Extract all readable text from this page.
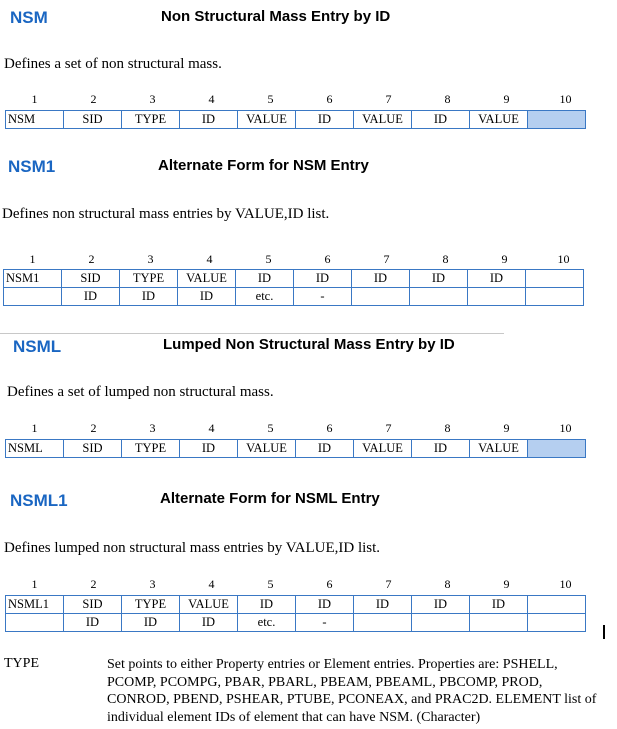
NSM	Non Structural Mass Entry by ID
Defines a set of non structural mass.
1	2	3	4	5	6	7	8	9	10
NSM	SID	TYPE	ID	VALUE	ID	VALUE	ID	VALUE	
NSM1	Alternate Form for NSM Entry
Defines non structural mass entries by VALUE,ID list.
1	2	3	4	5	6	7	8	9	10
NSM1	SID	TYPE	VALUE	ID	ID	ID	ID	ID	
	ID	ID	ID	etc.	-				
NSML	Lumped Non Structural Mass Entry by ID
Defines a set of lumped non structural mass.
1	2	3	4	5	6	7	8	9	10
NSML	SID	TYPE	ID	VALUE	ID	VALUE	ID	VALUE	
NSML1	Alternate Form for NSML Entry
Defines lumped non structural mass entries by VALUE,ID list.
1	2	3	4	5	6	7	8	9	10
NSML1	SID	TYPE	VALUE	ID	ID	ID	ID	ID	
	ID	ID	ID	etc.	-				
TYPE	Set points to either Property entries or Element entries. Properties are: PSHELL, PCOMP, PCOMPG, PBAR, PBARL, PBEAM, PBEAML, PBCOMP, PROD, CONROD, PBEND, PSHEAR, PTUBE, PCONEAX, and PRAC2D. ELEMENT list of individual element IDs of element that can have NSM. (Character)
